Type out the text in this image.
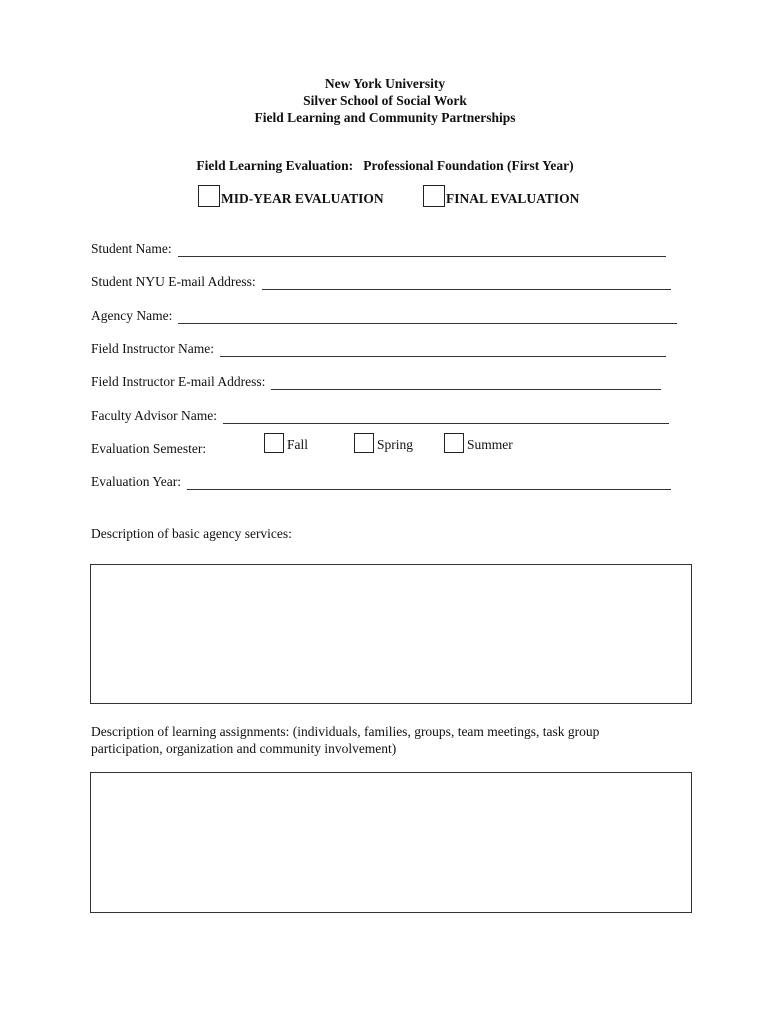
New York University
Silver School of Social Work
Field Learning and Community Partnerships
Field Learning Evaluation:   Professional Foundation (First Year)
MID-YEAR EVALUATION	FINAL EVALUATION
Student Name:
Student NYU E-mail Address:
Agency Name:
Field Instructor Name:
Field Instructor E-mail Address:
Faculty Advisor Name:
Evaluation Semester:	Fall	Spring	Summer
Evaluation Year:
Description of basic agency services:
Description of learning assignments: (individuals, families, groups, team meetings, task group
participation, organization and community involvement)
